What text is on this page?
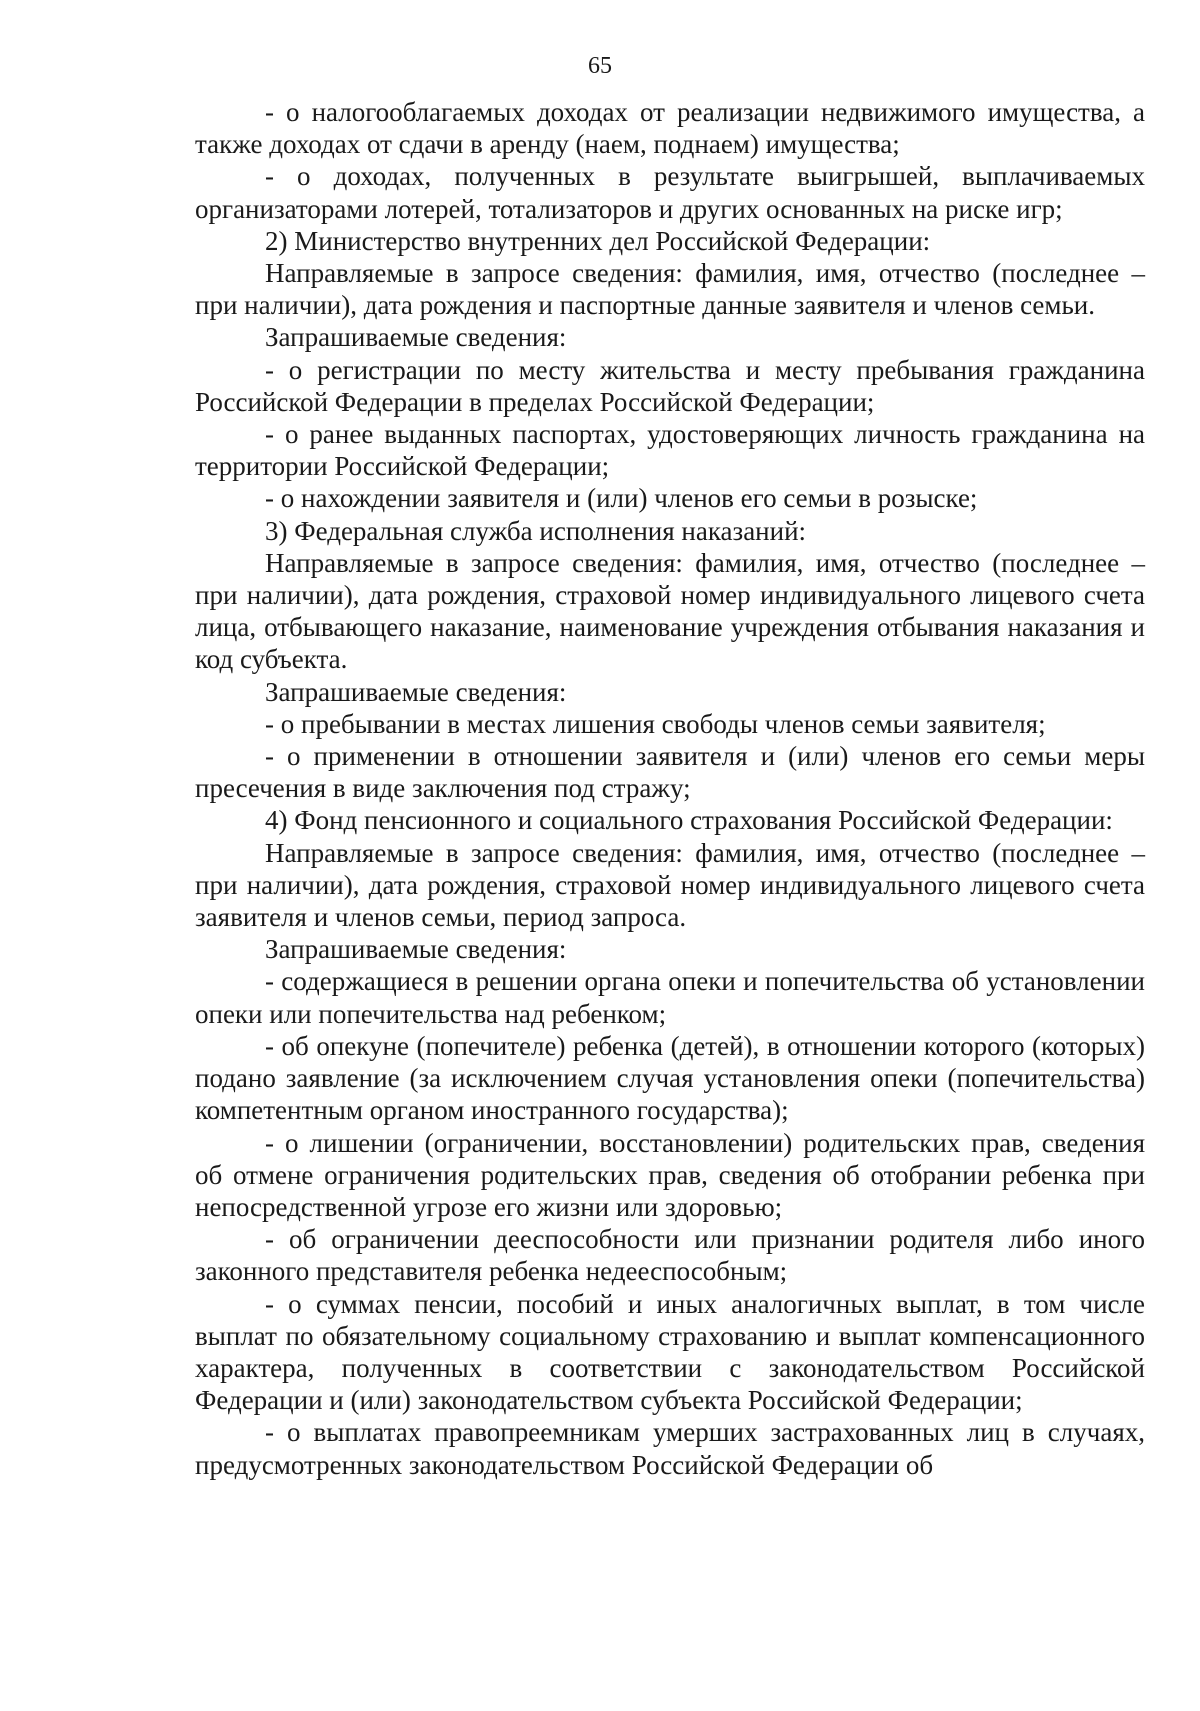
65

- о налогооблагаемых доходах от реализации недвижимого имущества, а также доходах от сдачи в аренду (наем, поднаем) имущества;

- о доходах, полученных в результате выигрышей, выплачиваемых организаторами лотерей, тотализаторов и других основанных на риске игр;

2) Министерство внутренних дел Российской Федерации:

Направляемые в запросе сведения: фамилия, имя, отчество (последнее – при наличии), дата рождения и паспортные данные заявителя и членов семьи.

Запрашиваемые сведения:

- о регистрации по месту жительства и месту пребывания гражданина Российской Федерации в пределах Российской Федерации;

- о ранее выданных паспортах, удостоверяющих личность гражданина на территории Российской Федерации;

- о нахождении заявителя и (или) членов его семьи в розыске;

3) Федеральная служба исполнения наказаний:

Направляемые в запросе сведения: фамилия, имя, отчество (последнее – при наличии), дата рождения, страховой номер индивидуального лицевого счета лица, отбывающего наказание, наименование учреждения отбывания наказания и код субъекта.

Запрашиваемые сведения:

- о пребывании в местах лишения свободы членов семьи заявителя;

- о применении в отношении заявителя и (или) членов его семьи меры пресечения в виде заключения под стражу;

4) Фонд пенсионного и социального страхования Российской Федерации:

Направляемые в запросе сведения: фамилия, имя, отчество (последнее – при наличии), дата рождения, страховой номер индивидуального лицевого счета заявителя и членов семьи, период запроса.

Запрашиваемые сведения:

- содержащиеся в решении органа опеки и попечительства об установлении опеки или попечительства над ребенком;

- об опекуне (попечителе) ребенка (детей), в отношении которого (которых) подано заявление (за исключением случая установления опеки (попечительства) компетентным органом иностранного государства);

- о лишении (ограничении, восстановлении) родительских прав, сведения об отмене ограничения родительских прав, сведения об отобрании ребенка при непосредственной угрозе его жизни или здоровью;

- об ограничении дееспособности или признании родителя либо иного законного представителя ребенка недееспособным;

- о суммах пенсии, пособий и иных аналогичных выплат, в том числе выплат по обязательному социальному страхованию и выплат компенсационного характера, полученных в соответствии с законодательством Российской Федерации и (или) законодательством субъекта Российской Федерации;

- о выплатах правопреемникам умерших застрахованных лиц в случаях, предусмотренных законодательством Российской Федерации об
